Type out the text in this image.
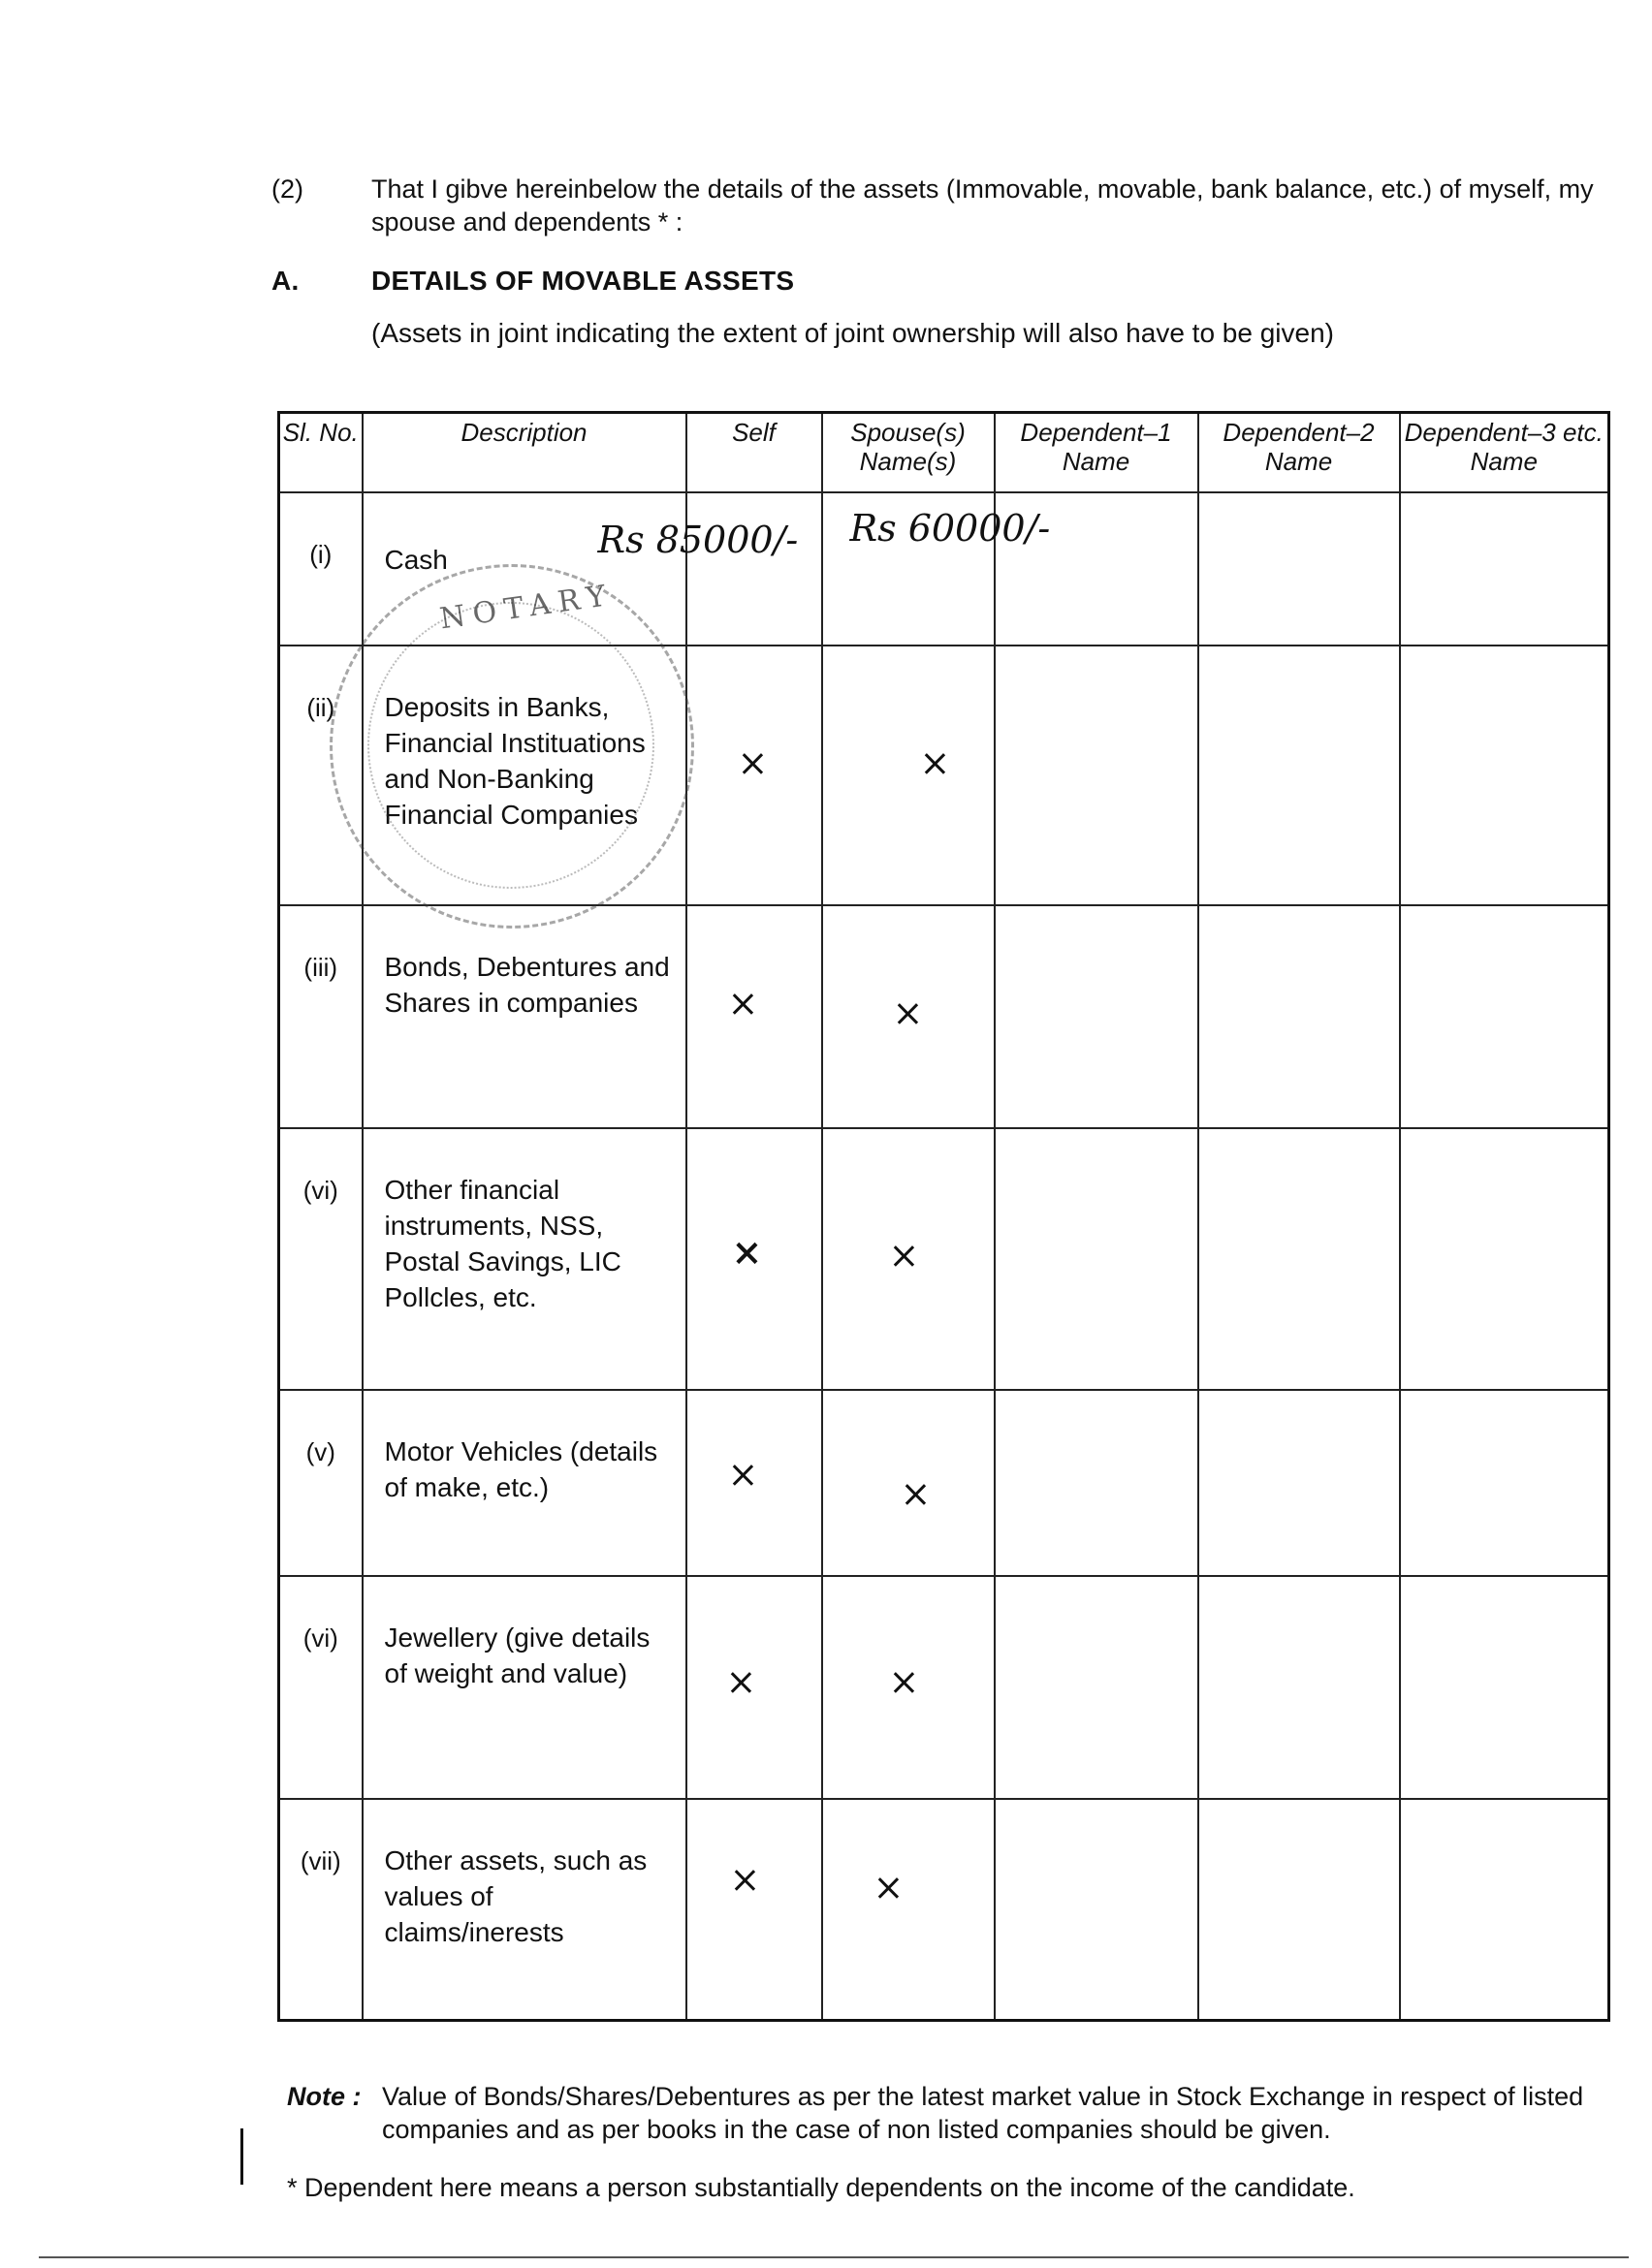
(2)	That I gibve hereinbelow the details of the assets (Immovable, movable, bank balance, etc.) of myself, my spouse and dependents * :
A.	DETAILS OF MOVABLE ASSETS
(Assets in joint indicating the extent of joint ownership will also have to be given)
Sl. No.	Description	Self	Spouse(s) Name(s)	Dependent–1 Name	Dependent–2 Name	Dependent–3 etc. Name
(i)	Cash	Rs 85000/-	Rs 60000/-			

(ii)	Deposits in Banks, Financial Instituations and Non-Banking Financial Companies	×	×			

(iii)	Bonds, Debentures and Shares in companies	×	×			

(vi)	Other financial instruments, NSS, Postal Savings, LIC Pollcles, etc.	×	×			

(v)	Motor Vehicles (details of make, etc.)	×	×			

(vi)	Jewellery (give details of weight and value)	×	×			

(vii)	Other assets, such as values of claims/inerests	×	×			

NOTARY
Note : Value of Bonds/Shares/Debentures as per the latest market value in Stock Exchange in respect of listed companies and as per books in the case of non listed companies should be given.
* Dependent here means a person substantially dependents on the income of the candidate.
